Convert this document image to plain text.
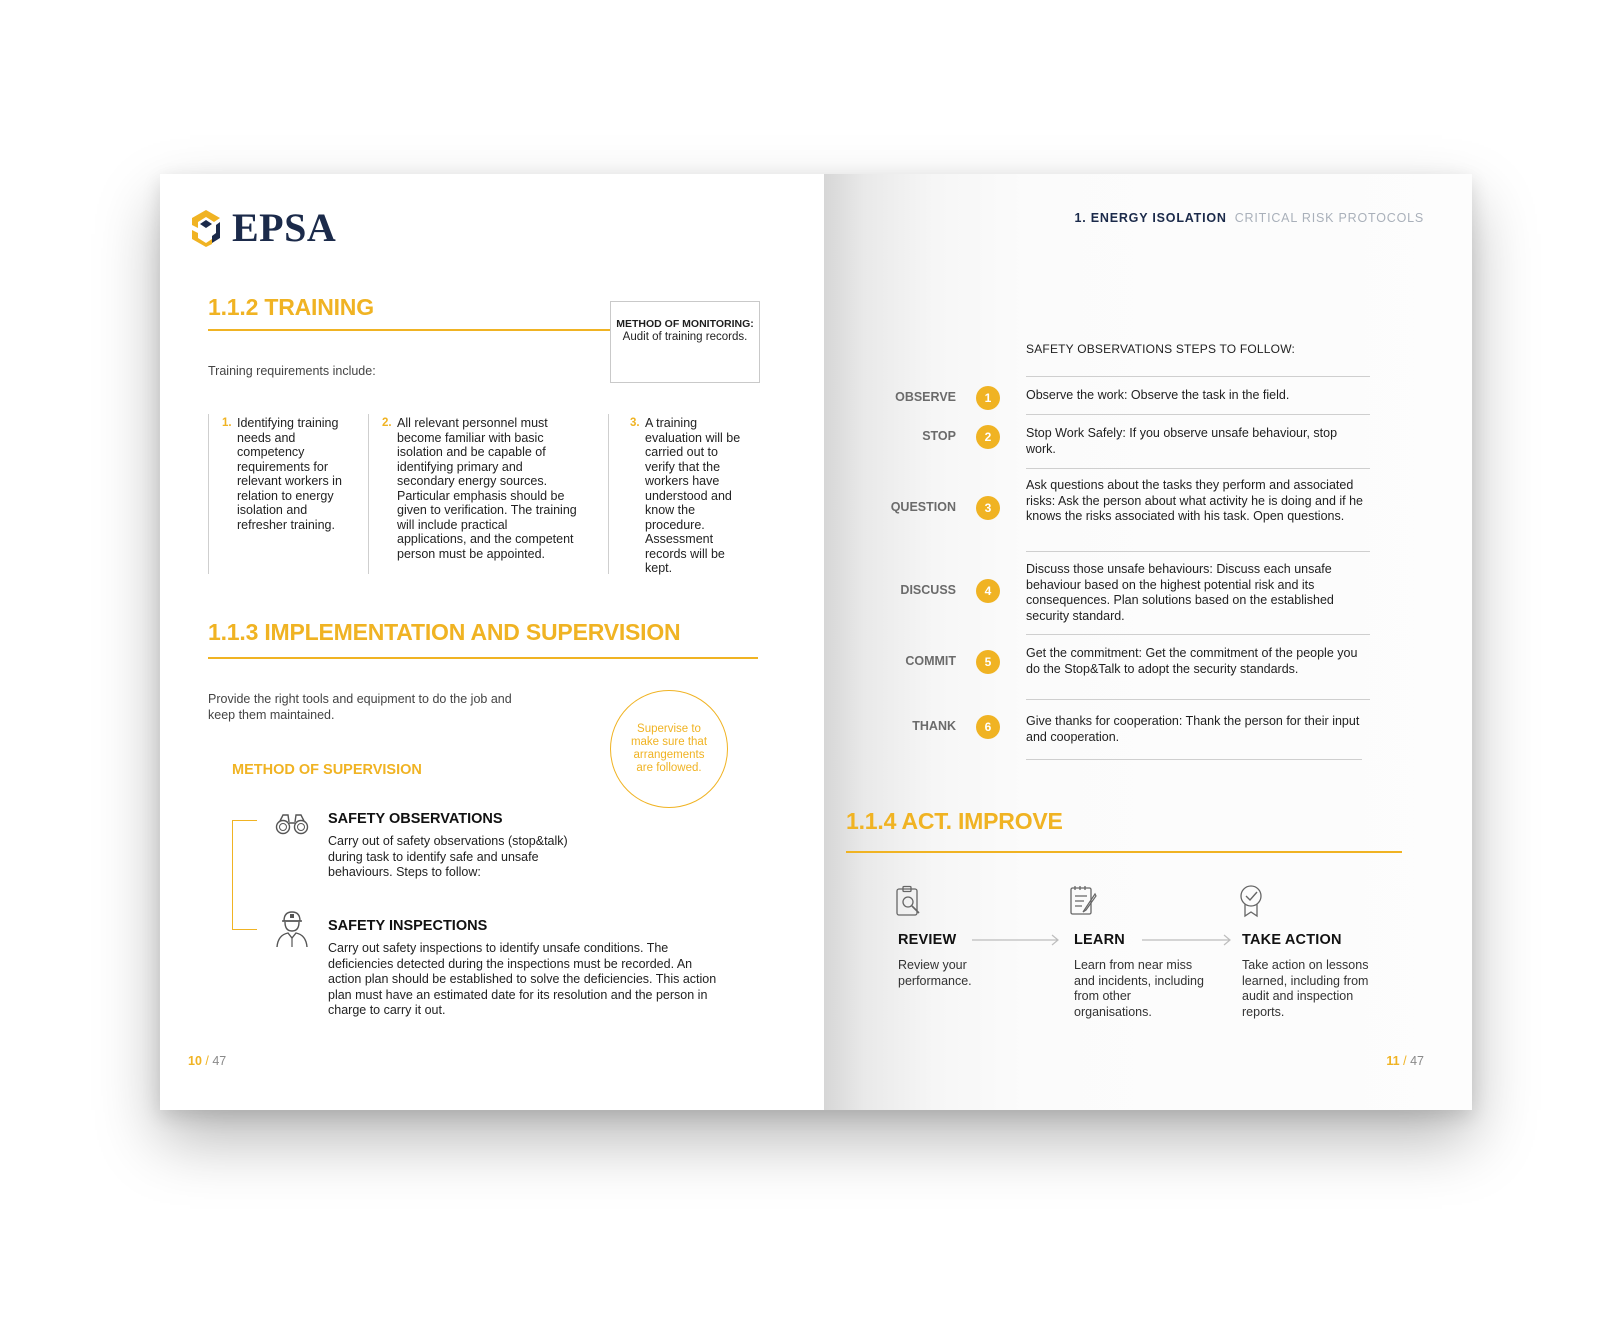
EPSA
1.1.2 TRAINING
METHOD OF MONITORING:
Audit of training records.
Training requirements include:
1. Identifying training needs and competency requirements for relevant workers in relation to energy isolation and refresher training.
2. All relevant personnel must become familiar with basic isolation and be capable of identifying primary and secondary energy sources. Particular emphasis should be given to verification. The training will include practical applications, and the competent person must be appointed.
3. A training evaluation will be carried out to verify that the workers have understood and know the procedure. Assessment records will be kept.
1.1.3 IMPLEMENTATION AND SUPERVISION
Provide the right tools and equipment to do the job and keep them maintained.
Supervise to make sure that arrangements are followed.
METHOD OF SUPERVISION
SAFETY OBSERVATIONS
Carry out of safety observations (stop&talk) during task to identify safe and unsafe behaviours. Steps to follow:
SAFETY INSPECTIONS
Carry out safety inspections to identify unsafe conditions. The deficiencies detected during the inspections must be recorded. An action plan should be established to solve the deficiencies. This action plan must have an estimated date for its resolution and the person in charge to carry it out.
10 / 47
1. ENERGY ISOLATION CRITICAL RISK PROTOCOLS
SAFETY OBSERVATIONS STEPS TO FOLLOW:
OBSERVE	1	Observe the work: Observe the task in the field.
STOP	2	Stop Work Safely: If you observe unsafe behaviour, stop work.
QUESTION	3
Ask questions about the tasks they perform and associated risks: Ask the person about what activity he is doing and if he knows the risks associated with his task. Open questions.
DISCUSS	4
Discuss those unsafe behaviours: Discuss each unsafe behaviour based on the highest potential risk and its consequences. Plan solutions based on the established security standard.
COMMIT	5
Get the commitment: Get the commitment of the people you do the Stop&Talk to adopt the security standards.
THANK	6	Give thanks for cooperation: Thank the person for their input and cooperation.
1.1.4 ACT. IMPROVE
REVIEW
Review your performance.
LEARN
Learn from near miss and incidents, including from other organisations.
TAKE ACTION
Take action on lessons learned, including from audit and inspection reports.
11 / 47
